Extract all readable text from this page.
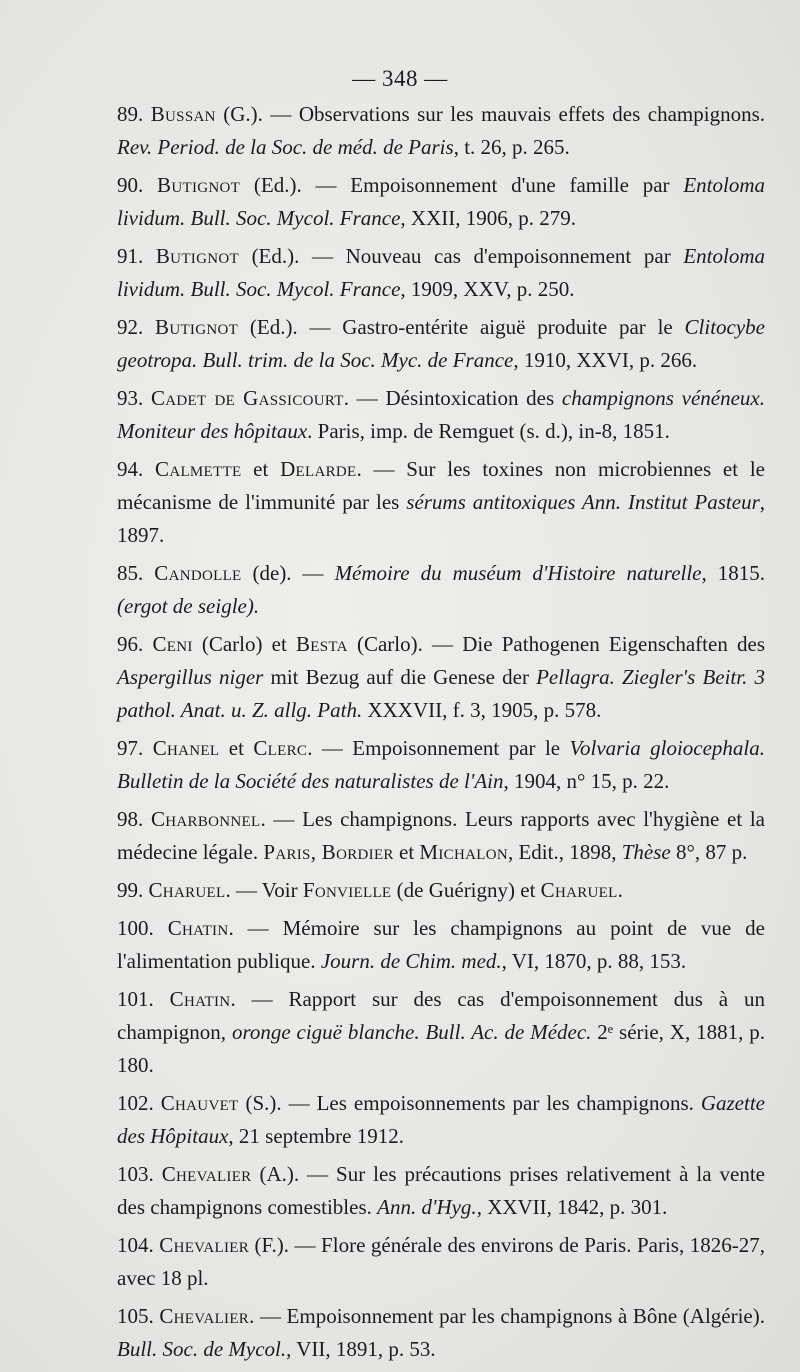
— 348 —
89. Bussan (G.). — Observations sur les mauvais effets des champignons. Rev. Period. de la Soc. de méd. de Paris, t. 26, p. 265.
90. Butignot (Ed.). — Empoisonnement d'une famille par Entoloma lividum. Bull. Soc. Mycol. France, XXII, 1906, p. 279.
91. Butignot (Ed.). — Nouveau cas d'empoisonnement par Entoloma lividum. Bull. Soc. Mycol. France, 1909, XXV, p. 250.
92. Butignot (Ed.). — Gastro-entérite aiguë produite par le Clitocybe geotropa. Bull. trim. de la Soc. Myc. de France, 1910, XXVI, p. 266.
93. Cadet de Gassicourt. — Désintoxication des champignons vénéneux. Moniteur des hôpitaux. Paris, imp. de Remguet (s. d.), in-8, 1851.
94. Calmette et Delarde. — Sur les toxines non microbiennes et le mécanisme de l'immunité par les sérums antitoxiques Ann. Institut Pasteur, 1897.
85. Candolle (de). — Mémoire du muséum d'Histoire naturelle, 1815. (ergot de seigle).
96. Ceni (Carlo) et Besta (Carlo). — Die Pathogenen Eigenschaften des Aspergillus niger mit Bezug auf die Genese der Pellagra. Ziegler's Beitr. 3 pathol. Anat. u. Z. allg. Path. XXXVII, f. 3, 1905, p. 578.
97. Chanel et Clerc. — Empoisonnement par le Volvaria gloiocephala. Bulletin de la Société des naturalistes de l'Ain, 1904, n° 15, p. 22.
98. Charbonnel. — Les champignons. Leurs rapports avec l'hygiène et la médecine légale. Paris, Bordier et Michalon, Edit., 1898, Thèse 8°, 87 p.
99. Charuel. — Voir Fonvielle (de Guérigny) et Charuel.
100. Chatin. — Mémoire sur les champignons au point de vue de l'alimentation publique. Journ. de Chim. med., VI, 1870, p. 88, 153.
101. Chatin. — Rapport sur des cas d'empoisonnement dus à un champignon, oronge ciguë blanche. Bull. Ac. de Médec. 2ᵉ série, X, 1881, p. 180.
102. Chauvet (S.). — Les empoisonnements par les champignons. Gazette des Hôpitaux, 21 septembre 1912.
103. Chevalier (A.). — Sur les précautions prises relativement à la vente des champignons comestibles. Ann. d'Hyg., XXVII, 1842, p. 301.
104. Chevalier (F.). — Flore générale des environs de Paris. Paris, 1826-27, avec 18 pl.
105. Chevalier. — Empoisonnement par les champignons à Bône (Algérie). Bull. Soc. de Mycol., VII, 1891, p. 53.
